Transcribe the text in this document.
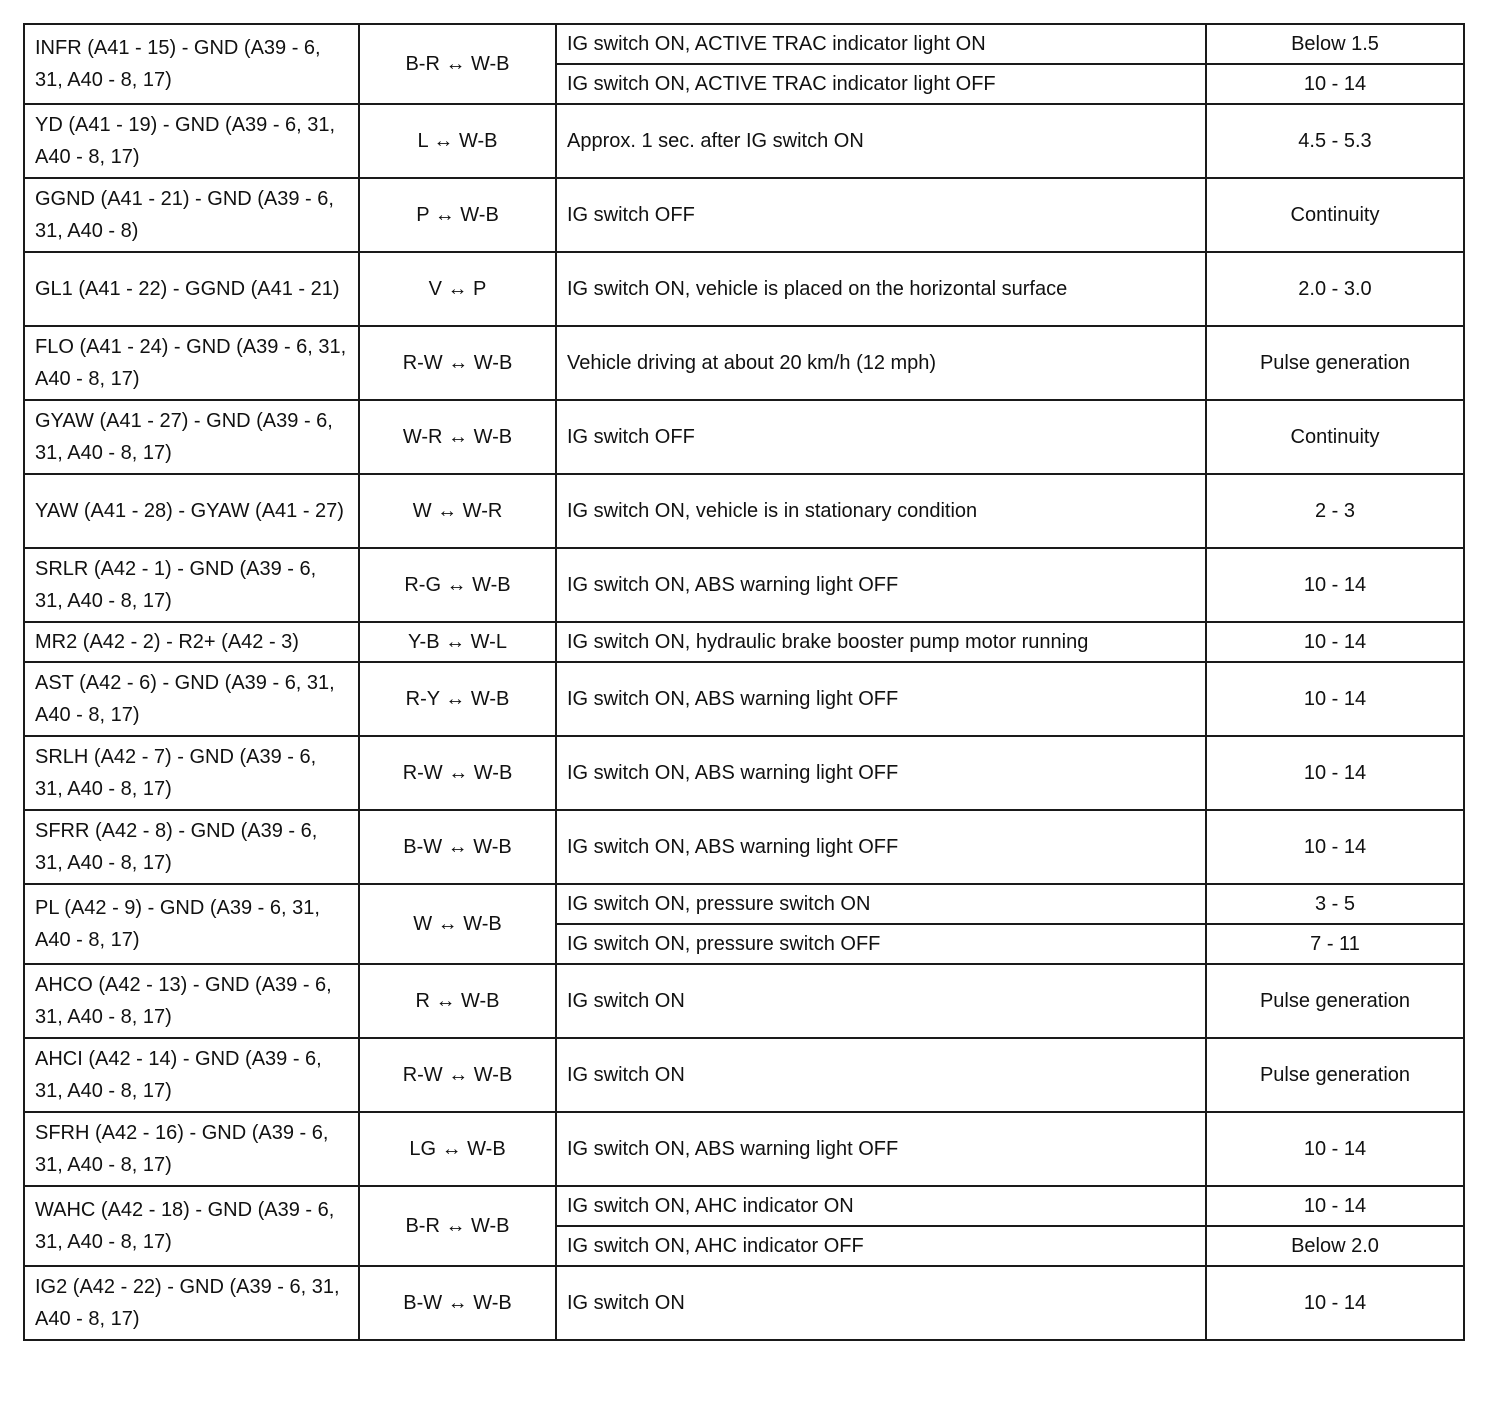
INFR (A41 - 15) - GND (A39 - 6, 31, A40 - 8, 17)	B-R ↔ W-B	IG switch ON, ACTIVE TRAC indicator light ON	Below 1.5
		IG switch ON, ACTIVE TRAC indicator light OFF	10 - 14
YD (A41 - 19) - GND (A39 - 6, 31, A40 - 8, 17)	L ↔ W-B	Approx. 1 sec. after IG switch ON	4.5 - 5.3
GGND (A41 - 21) - GND (A39 - 6, 31, A40 - 8)	P ↔ W-B	IG switch OFF	Continuity
GL1 (A41 - 22) - GGND (A41 - 21)	V ↔ P	IG switch ON, vehicle is placed on the horizontal surface	2.0 - 3.0
FLO (A41 - 24) - GND (A39 - 6, 31, A40 - 8, 17)	R-W ↔ W-B	Vehicle driving at about 20 km/h (12 mph)	Pulse generation
GYAW (A41 - 27) - GND (A39 - 6, 31, A40 - 8, 17)	W-R ↔ W-B	IG switch OFF	Continuity
YAW (A41 - 28) - GYAW (A41 - 27)	W ↔ W-R	IG switch ON, vehicle is in stationary condition	2 - 3
SRLR (A42 - 1) - GND (A39 - 6, 31, A40 - 8, 17)	R-G ↔ W-B	IG switch ON, ABS warning light OFF	10 - 14
MR2 (A42 - 2) - R2+ (A42 - 3)	Y-B ↔ W-L	IG switch ON, hydraulic brake booster pump motor running	10 - 14
AST (A42 - 6) - GND (A39 - 6, 31, A40 - 8, 17)	R-Y ↔ W-B	IG switch ON, ABS warning light OFF	10 - 14
SRLH (A42 - 7) - GND (A39 - 6, 31, A40 - 8, 17)	R-W ↔ W-B	IG switch ON, ABS warning light OFF	10 - 14
SFRR (A42 - 8) - GND (A39 - 6, 31, A40 - 8, 17)	B-W ↔ W-B	IG switch ON, ABS warning light OFF	10 - 14
PL (A42 - 9) - GND (A39 - 6, 31, A40 - 8, 17)	W ↔ W-B	IG switch ON, pressure switch ON	3 - 5
		IG switch ON, pressure switch OFF	7 - 11
AHCO (A42 - 13) - GND (A39 - 6, 31, A40 - 8, 17)	R ↔ W-B	IG switch ON	Pulse generation
AHCI (A42 - 14) - GND (A39 - 6, 31, A40 - 8, 17)	R-W ↔ W-B	IG switch ON	Pulse generation
SFRH (A42 - 16) - GND (A39 - 6, 31, A40 - 8, 17)	LG ↔ W-B	IG switch ON, ABS warning light OFF	10 - 14
WAHC (A42 - 18) - GND (A39 - 6, 31, A40 - 8, 17)	B-R ↔ W-B	IG switch ON, AHC indicator ON	10 - 14
		IG switch ON, AHC indicator OFF	Below 2.0
IG2 (A42 - 22) - GND (A39 - 6, 31, A40 - 8, 17)	B-W ↔ W-B	IG switch ON	10 - 14
